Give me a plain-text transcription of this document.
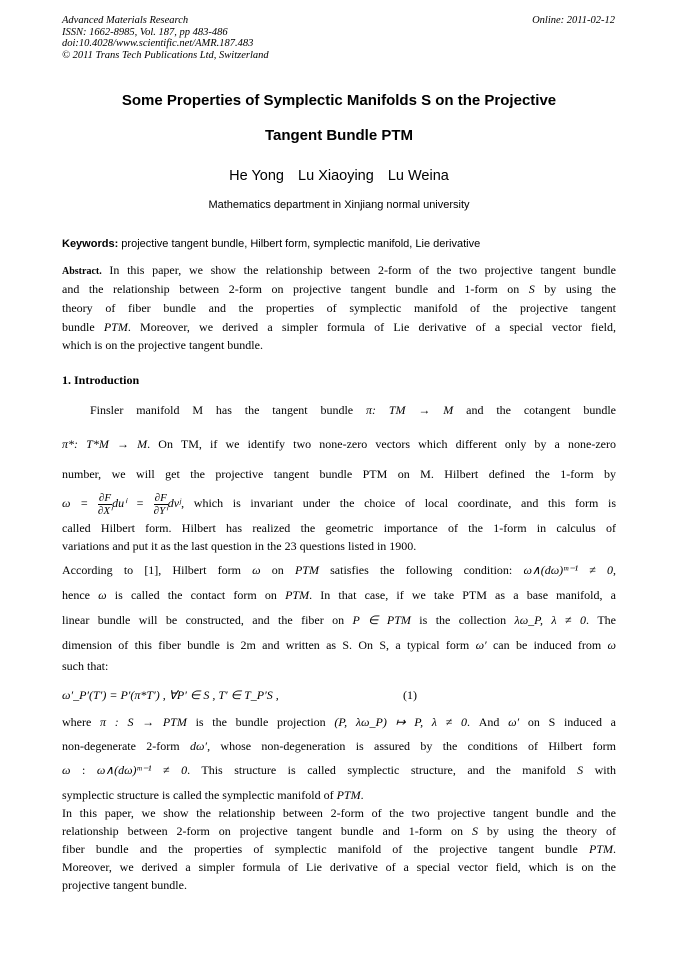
Advanced Materials Research
ISSN: 1662-8985, Vol. 187, pp 483-486
doi:10.4028/www.scientific.net/AMR.187.483
© 2011 Trans Tech Publications Ltd, Switzerland
Online: 2011-02-12
Some Properties of Symplectic Manifolds S on the Projective
Tangent Bundle PTM
He Yong Lu Xiaoying Lu Weina
Mathematics department in Xinjiang normal university
Keywords: projective tangent bundle, Hilbert form, symplectic manifold, Lie derivative
Abstract. In this paper, we show the relationship between 2-form of the two projective tangent bundle
and the relationship between 2-form on projective tangent bundle and 1-form on S by using the
theory of fiber bundle and the properties of symplectic manifold of the projective tangent
bundle PTM. Moreover, we derived a simpler formula of Lie derivative of a special vector field,
which is on the projective tangent bundle.
1. Introduction
Finsler manifold M has the tangent bundle π: TM → M and the cotangent bundle
π*: T*M → M. On TM, if we identify two none-zero vectors which different only by a none-zero
number, we will get the projective tangent bundle PTM on M. Hilbert defined the 1-form by
$\omega = \frac{\partial F}{\text{∂Xⁱ}}$ $du^i = \frac{\partial F}{\text{∂Yⁱ}}$ dvʲ, which is invariant under the choice of local coordinate, and this form is
called Hilbert form. Hilbert has realized the geometric importance of the 1-form in calculus of
variations and put it as the last question in the 23 questions listed in 1900.
According to [1], Hilbert form ω on PTM satisfies the following condition: ω∧(dω)ᵐ⁻¹ ≠ 0,
hence ω is called the contact form on PTM. In that case, if we take PTM as a base manifold, a
linear bundle will be constructed, and the fiber on P ∈ PTM is the collection λω_P, λ ≠ 0. The
dimension of this fiber bundle is 2m and written as S. On S, a typical form ω′ can be induced from ω
such that:
ω′_P′(T′) = P′(π*T′) , ∀P′ ∈ S , T′ ∈ T_P′S ,	(1)
where π : S → PTM is the bundle projection (P, λω_P) ↦ P, λ ≠ 0. And ω′ on S induced a
non-degenerate 2-form dω′, whose non-degeneration is assured by the conditions of Hilbert form
ω : ω∧(dω)ᵐ⁻¹ ≠ 0. This structure is called symplectic structure, and the manifold S with
symplectic structure is called the symplectic manifold of PTM.
In this paper, we show the relationship between 2-form of the two projective tangent bundle and the
relationship between 2-form on projective tangent bundle and 1-form on S by using the theory of
fiber bundle and the properties of symplectic manifold of the projective tangent bundle PTM.
Moreover, we derived a simpler formula of Lie derivative of a special vector field, which is on the
projective tangent bundle.
